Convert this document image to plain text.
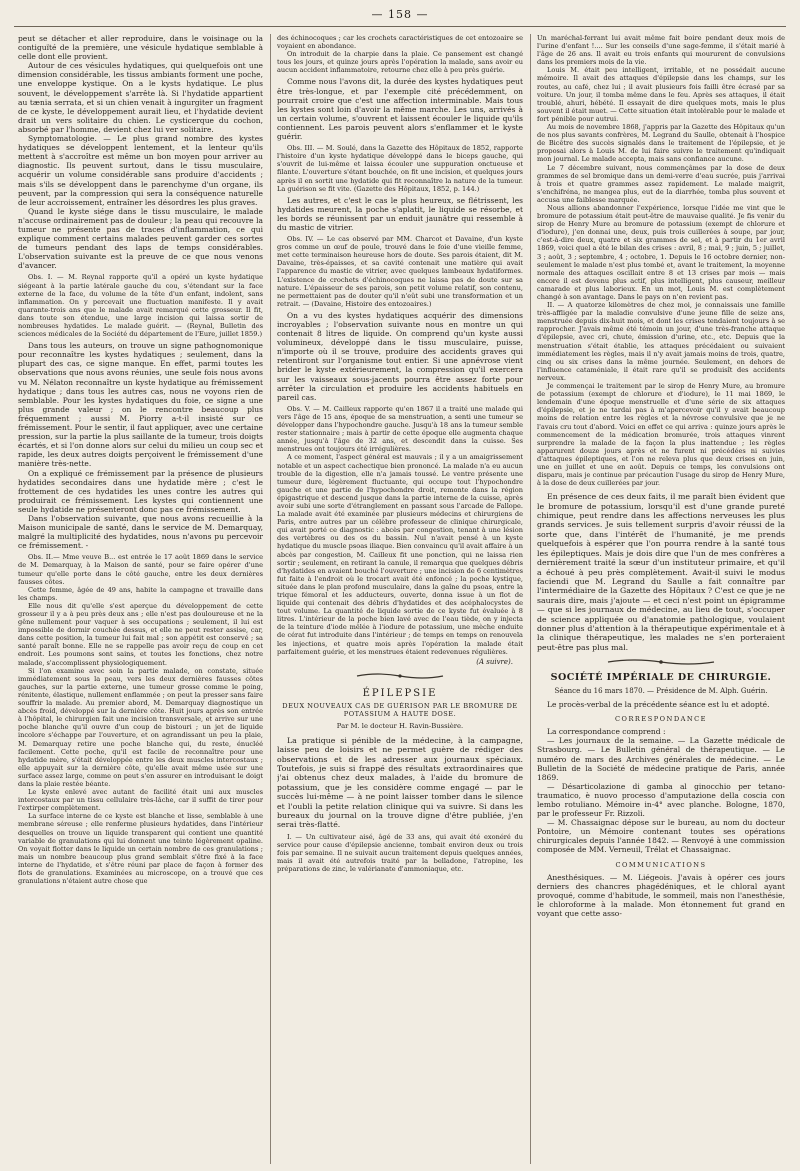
— 158 —

peut se détacher et aller reproduire, dans le voisinage ou la contiguïté de la première, une vésicule hydatique semblable à celle dont elle provient.

Autour de ces vésicules hydatiques, qui quelquefois ont une dimension considérable, les tissus ambiants forment une poche, une enveloppe kystique. On a le kysts hydatique. Le plus souvent, le développement s'arrête là. Si l'hydatide appartient au tænia serrata, et si un chien venait à ingurgiter un fragment de ce kyste, le développement aurait lieu, et l'hydatide devient drait un vers solitaire du chien. Le cysticerque du cochon, absorbé par l'homme, devient chez lui ver solitaire.

Symptomatologie. — Le plus grand nombre des kystes hydatiques se développent lentement, et la lenteur qu'ils mettent à s'accroître est même un bon moyen pour arriver au diagnostic. Ils peuvent surtout, dans le tissu musculaire, acquérir un volume considérable sans produire d'accidents ; mais s'ils se développent dans le parenchyme d'un organe, ils peuvent, par la compression qui sera la conséquence naturelle de leur accroissement, entraîner les désordres les plus graves.

Quand le kyste siége dans le tissu musculaire, le malade n'accuse ordinairement pas de douleur ; la peau qui recouvre la tumeur ne présente pas de traces d'inflammation, ce qui explique comment certains malades peuvent garder ces sortes de tumeurs pendant des laps de temps considérables. L'observation suivante est la preuve de ce que nous venons d'avancer.

Obs. I. — M. Reynal rapporte qu'il a opéré un kyste hydatique siégeant à la partie latérale gauche du cou, s'étendant sur la face externe de la face, du volume de la tête d'un enfant, indolent, sans inflammation. On y percevait une fluctuation manifeste. Il y avait quarante-trois ans que le malade avait remarqué cette grosseur. Il fit, dans toute son étendue, une large incision qui laissa sortir de nombreuses hydatides. Le malade guérit. — (Reynal, Bulletin des sciences médicales de la Société du département de l'Eure, juillet 1859.)

Dans tous les auteurs, on trouve un signe pathognomonique pour reconnaître les kystes hydatiques ; seulement, dans la plupart des cas, ce signe manque. En effet, parmi toutes les observations que nous avons réunies, une seule fois nous avons vu M. Nélaton reconnaître un kyste hydatique au frémissement hydatique ; dans tous les autres cas, nous ne voyons rien de semblable. Pour les kystes hydatiques du foie, ce signe a une plus grande valeur ; on le rencontre beaucoup plus fréquemment ; aussi M. Piorry a-t-il insisté sur ce frémissement. Pour le sentir, il faut appliquer, avec une certaine pression, sur la partie la plus saillante de la tumeur, trois doigts écartés, et si l'on donne alors sur celui du milieu un coup sec et rapide, les deux autres doigts perçoivent le frémissement d'une manière très-nette.

On a expliqué ce frémissement par la présence de plusieurs hydatides secondaires dans une hydatide mère ; c'est le frottement de ces hydatides les unes contre les autres qui produirait ce frémissement. Les kystes qui contiennent une seule hydatide ne présenteront donc pas ce frémissement.

Dans l'observation suivante, que nous avons recueillie à la Maison municipale de santé, dans le service de M. Demarquay, malgré la multiplicité des hydatides, nous n'avons pu percevoir ce frémissement. -

Obs. II.— Mme veuve B... est entrée le 17 août 1869 dans le service de M. Demarquay, à la Maison de santé, pour se faire opérer d'une tumeur qu'elle porte dans le côté gauche, entre les deux dernières fausses côtes.
Cette femme, âgée de 49 ans, habite la campagne et travaille dans les champs.
Elle nous dit qu'elle s'est aperçue du développement de cette grosseur il y a à peu près deux ans ; elle n'est pas douloureuse et ne la gêne nullement pour vaquer à ses occupations ; seulement, il lui est impossible de dormir couchée dessus, et elle ne peut rester assise, car, dans cette position, la tumeur lui fait mal ; son appétit est conservé ; sa santé paraît bonne. Elle ne se rappelle pas avoir reçu de coup en cet endroit. Les poumons sont sains, et toutes les fonctions, chez notre malade, s'accomplissent physiologiquement.
Si l'on examine avec soin la partie malade, on constate, située immédiatement sous la peau, vers les deux dernières fausses côtes gauches, sur la partie externe, une tumeur grosse comme le poing, rénitente, élastique, nullement enflammée ; on peut la presser sans faire souffrir la malade. Au premier abord, M. Demarquay diagnostique un abcès froid, développé sur la dernière côte. Huit jours après son entrée à l'hôpital, le chirurgien fait une incision transversale, et arrive sur une poche blanche qu'il ouvre d'un coup de bistouri ; un jet de liquide incolore s'échappe par l'ouverture, et on agrandissant un peu la plaie, M. Demarquay retire une poche blanche qui, du reste, énucléé facilement. Cette poche, qu'il est facile de reconnaître pour une hydatide mère, s'était développée entre les deux muscles intercostaux ; elle appuyait sur la dernière côte, qu'elle avait même usée sur une surface assez large, comme on peut s'en assurer en introduisant le doigt dans la plaie restée béante.
Le kyste enlevé avec autant de facilité était uni aux muscles intercostaux par un tissu cellulaire très-lâche, car il suffit de tirer pour l'extirper complètement.
La surface interne de ce kyste est blanche et lisse, semblable à une membrane séreuse ; elle renferme plusieurs hydatides, dans l'intérieur desquelles on trouve un liquide transparent qui contient une quantité variable de granulations qui lui donnent une teinte légèrement opaline. On voyait flotter dans le liquide un certain nombre de ces granulations ; mais un nombre beaucoup plus grand semblait s'être fixé à la face interne de l'hydatide, et s'être réuni par place de façon à former des flots de granulations. Examinées au microscope, on a trouvé que ces granulations n'étaient autre chose que
des échinocoques ; car les crochets caractéristiques de cet entozoaire se voyaient en abondance.
On introduit de la charpie dans la plaie. Ce pansement est changé tous les jours, et quinze jours après l'opération la malade, sans avoir eu aucun accident inflammatoire, retourne chez elle à peu près guérie.

Comme nous l'avons dit, la durée des kystes hydatiques peut être très-longue, et par l'exemple cité précédemment, on pourrait croire que c'est une affection interminable. Mais tous les kystes sont loin d'avoir la même marche. Les uns, arrivés à un certain volume, s'ouvrent et laissent écouler le liquide qu'ils contiennent. Les parois peuvent alors s'enflammer et le kyste guérir.

Obs. III. — M. Soulé, dans la Gazette des Hôpitaux de 1852, rapporte l'histoire d'un kyste hydatique développé dans le biceps gauche, qui s'ouvrit de lui-même et laissa écouler une suppuration onctueuse et filante. L'ouverture s'étant bouchée, on fit une incision, et quelques jours après il en sortit une hydatide qui fit reconnaître la nature de la tumeur. La guérison se fit vite. (Gazette des Hôpitaux, 1852, p. 144.)

Les autres, et c'est le cas le plus heureux, se flétrissent, les hydatides meurent, la poche s'aplatit, le liquide se résorbe, et les bords se réunissent par un enduit jaunâtre qui ressemble à du mastic de vitrier.

Obs. IV. — Le cas observé par MM. Charcot et Davaine, d'un kyste gros comme un œuf de poule, trouvé dans le foie d'une vieille femme, met cette terminaison heureuse hors de doute. Ses parois étaient, dit M. Davaine, très-épaisses, et sa cavité contenait une matière qui avait l'apparence du mastic de vitrier, avec quelques lambeaux hydatiformes. L'existence de crochets d'échinocoques ne laissa pas de doute sur sa nature. L'épaisseur de ses parois, son petit volume relatif, son contenu, ne permettaient pas de douter qu'il n'eût subi une transformation et un retrait. — (Davaine, Histoire des entozoaires.)

On a vu des kystes hydatiques acquérir des dimensions incroyables ; l'observation suivante nous en montre un qui contenait 8 litres de liquide. On comprend qu'un kyste aussi volumineux, développé dans le tissu musculaire, puisse, n'importe où il se trouve, produire des accidents graves qui retentiront sur l'organisme tout entier. Si une apnévrose vient brider le kyste extérieurement, la compression qu'il exercera sur les vaisseaux sous-jacents pourra être assez forte pour arrêter la circulation et produire les accidents habituels en pareil cas.

Obs. V. — M. Cailleux rapporte qu'en 1867 il a traité une malade qui vers l'âge de 15 ans, époque de sa menstruation, a senti une tumeur se développer dans l'hypochondre gauche. Jusqu'à 18 ans la tumeur semble rester stationnaire ; mais à partir de cette époque elle augmenta chaque année, jusqu'à l'âge de 32 ans, et descendit dans la cuisse. Ses menstrues ont toujours été irrégulières.
A ce moment, l'aspect général est mauvais ; il y a un amaigrissement notable et un aspect cachectique bien prononcé. La malade n'a eu aucun trouble de la digestion, elle n'a jamais toussé. Le ventre présente une tumeur dure, légèrement fluctuante, qui occupe tout l'hypochondre gauche et une partie de l'hypochondre droit, remonte dans la région épigastrique et descend jusque dans la partie interne de la cuisse, après avoir subi une sorte d'étranglement en passant sous l'arcade de Fallope. La malade avait été examinée par plusieurs médecins et chirurgiens de Paris, entre autres par un célèbre professeur de clinique chirurgicale, qui avait porté ce diagnostic : abcès par congestion, tenant à une lésion des vertèbres ou des os du bassin. Nul n'avait pensé à un kyste hydatique du muscle psoas iliaque. Bien convaincu qu'il avait affaire à un abcès par congestion, M. Cailleux fit une ponction, qui ne laissa rien sortir ; seulement, en retirant la canule, il remarqua que quelques débris d'hydatides en avaient bouché l'ouverture ; une incision de 6 centimètres fut faite à l'endroit où le trocart avait été enfoncé ; la poche kystique, située dans le plan profond musculaire, dans la gaîne du psoas, entre la trique fémoral et les adducteurs, ouverte, donna issue à un flot de liquide qui contenait des débris d'hydatides et des acéphalocystes de tout volume. La quantité de liquide sortie de ce kyste fut évaluée à 8 litres. L'intérieur de la poche bien lavé avec de l'eau tiède, on y injecta de la teinture d'iode mêlée à l'iodure de potassium, une mèche enduite de cérat fut introduite dans l'intérieur ; de temps en temps on renouvela les injections, et quatre mois après l'opération la malade était parfaitement guérie, et les menstrues étaient redevenues régulières.
(A suivre).
ÉPILEPSIE
DEUX NOUVEAUX CAS DE GUÉRISON PAR LE BROMURE DE POTASSIUM A HAUTE DOSE.
Par M. le docteur H. Ravin-Bussière.

La pratique si pénible de la médecine, à la campagne, laisse peu de loisirs et ne permet guère de rédiger des observations et de les adresser aux journaux spéciaux. Toutefois, je suis si frappé des résultats extraordinaires que j'ai obtenus chez deux malades, à l'aide du bromure de potassium, que je les considère comme engagé — par le succès lui-même — à ne point laisser tomber dans le silence et l'oubli la petite relation clinique qui va suivre. Si dans les bureaux du journal on la trouve digne d'être publiée, j'en serai très-flatté.

I. — Un cultivateur aisé, âgé de 33 ans, qui avait été exonéré du service pour cause d'épilepsie ancienne, tombait environ deux ou trois fois par semaine. Il ne suivait aucun traitement depuis quelques années, mais il avait été autrefois traité par la belladone, l'atropine, les préparations de zinc, le valérianate d'ammoniaque, etc.
Un maréchal-ferrant lui avait même fait boire pendant deux mois de l'urine d'enfant !.... Sur les conseils d'une sage-femme, il s'était marié à l'âge de 26 ans. Il avait eu trois enfants qui moururent de convulsions dans les premiers mois de la vie.
Louis M. était peu intelligent, irritable, et ne possédait aucune mémoire. Il avait des attaques d'épilepsie dans les champs, sur les routes, au café, chez lui ; il avait plusieurs fois failli être écrasé par sa voiture. Un jour, il tomba même dans le feu. Après ses attaques, il était troublé, ahuri, hébété. Il essayait de dire quelques mots, mais le plus souvent il était muet. — Cette situation était intolérable pour le malade et fort pénible pour autrui.
Au mois de novembre 1868, j'appris par la Gazette des Hôpitaux qu'un de nos plus savants confrères, M. Legrand du Saulle, obtenait à l'hospice de Bicêtre des succès signalés dans le traitement de l'épilepsie, et je proposai alors à Louis M. de lui faire suivre le traitement qu'indiquait mon journal. Le malade accepta, mais sans confiance aucune.
Le 7 décembre suivant, nous commençâmes par la dose de deux grammes de sel bromique dans un demi-verre d'eau sucrée, puis j'arrivai à trois et quatre grammes assez rapidement. Le malade maigrit, s'enchifréna, ne mangea plus, eut de la diarrhée, tomba plus souvent et accusa une faiblesse marquée.
Nous allions abandonner l'expérience, lorsque l'idée me vint que le bromure de potassium était peut-être de mauvaise qualité. Je fis venir du sirop de Henry Mure au bromure de potassium (exempt de chlorure et d'iodure), j'en donnai une, deux, puis trois cuillerées à soupe, par jour, c'est-à-dire deux, quatre et six grammes de sel, et à partir du 1er avril 1869, voici quel a été le bilan des crises : avril, 8 ; mai, 9 ; juin, 5 ; juillet, 3 ; août, 3 ; septembre, 4 ; octobre, 1. Depuis le 16 octobre dernier, non-seulement le malade n'est plus tombé et, avant le traitement, la moyenne normale des attaques oscillait entre 8 et 13 crises par mois — mais encore il est devenu plus actif, plus intelligent, plus causeur, meilleur camarade et plus laborieux. En un mot, Louis M. est complètement changé à son avantage. Dans le pays on n'en revient pas.
II. — A quatorze kilomètres de chez moi, je connaissais une famille très-affligée par la maladie convulsive d'une jeune fille de seize ans, menstruée depuis dix-huit mois, et dont les crises tendaient toujours à se rapprocher. J'avais même été témoin un jour, d'une très-franche attaque d'épilepsie, avec cri, chute, émission d'urine, etc., etc. Depuis que la menstruation s'était établie, les attaques précédaient ou suivaient immédiatement les règles, mais il n'y avait jamais moins de trois, quatre, cinq ou six crises dans la même journée. Seulement, en dehors de l'influence cataméniale, il était rare qu'il se produisît des accidents nerveux.
Je commençai le traitement par le sirop de Henry Mure, au bromure de potassium (exempt de chlorure et d'iodure), le 11 mai 1869, le lendemain d'une époque menstruelle et d'une série de six attaques d'épilepsie, et je ne tardai pas à m'apercevoir qu'il y avait beaucoup moins de relation entre les règles et la névrose convulsive que je ne l'avais cru tout d'abord. Voici en effet ce qui arriva : quinze jours après le commencement de la médication bromurée, trois attaques vinrent surprendre la malade de la façon la plus inattendue ; les règles apparurent douze jours après et ne furent ni précédées ni suivies d'attaques épileptiques, et l'on ne releva plus que deux crises en juin, une en juillet et une en août. Depuis ce temps, les convulsions ont disparu, mais je continue par précaution l'usage du sirop de Henry Mure, à la dose de deux cuillerées par jour.

En présence de ces deux faits, il me paraît bien évident que le bromure de potassium, lorsqu'il est d'une grande pureté chimique, peut rendre dans les affections nerveuses les plus grands services. Je suis tellement surpris d'avoir réussi de la sorte que, dans l'intérêt de l'humanité, je me prends quelquefois à espérer que l'on pourra rendre à la santé tous les épileptiques. Mais je dois dire que l'un de mes confrères a dernièrement traité la sœur d'un instituteur primaire, et qu'il a échoué à peu près complètement. Avait-il suivi le modus faciendi que M. Legrand du Saulle a fait connaître par l'intermédiaire de la Gazette des Hôpitaux ? C'est ce que je ne saurais dire, mais j'ajoute — et ceci n'est point un épigramme — que si les journaux de médecine, au lieu de tout, s'occuper de science appliquée ou d'anatomie pathologique, voulaient donner plus d'attention à la thérapeutique expérimentale et à la clinique thérapeutique, les malades ne s'en porteraient peut-être pas plus mal.

SOCIÉTÉ IMPÉRIALE DE CHIRURGIE.
Séance du 16 mars 1870. — Présidence de M. Alph. Guérin.

Le procès-verbal de la précédente séance est lu et adopté.

CORRESPONDANCE

La correspondance comprend :

— Les journaux de la semaine. — La Gazette médicale de Strasbourg. — Le Bulletin général de thérapeutique. — Le numéro de mars des Archives générales de médecine. — Le Bulletin de la Société de médecine pratique de Paris, année 1869.

— Désarticolazione di gamba al ginocchio per tetano-traumatico, è nuovo processo d'amputazione della coscia con lembo rotuliano. Mémoire in-4° avec planche. Bologne, 1870, par le professeur Fr. Rizzoli.

— M. Chassaignac dépose sur le bureau, au nom du docteur Pontoire, un Mémoire contenant toutes ses opérations chirurgicales depuis l'année 1842. — Renvoyé à une commission composée de MM. Verneuil, Trélat et Chassaignac.

COMMUNICATIONS

Anesthésiques. — M. Liégeois. J'avais à opérer ces jours derniers des chancres phagédéniques, et le chloral ayant provoqué, comme d'habitude, le sommeil, mais non l'anesthésie, le chloroforme à la malade. Mon étonnement fut grand en voyant que cette asso-
